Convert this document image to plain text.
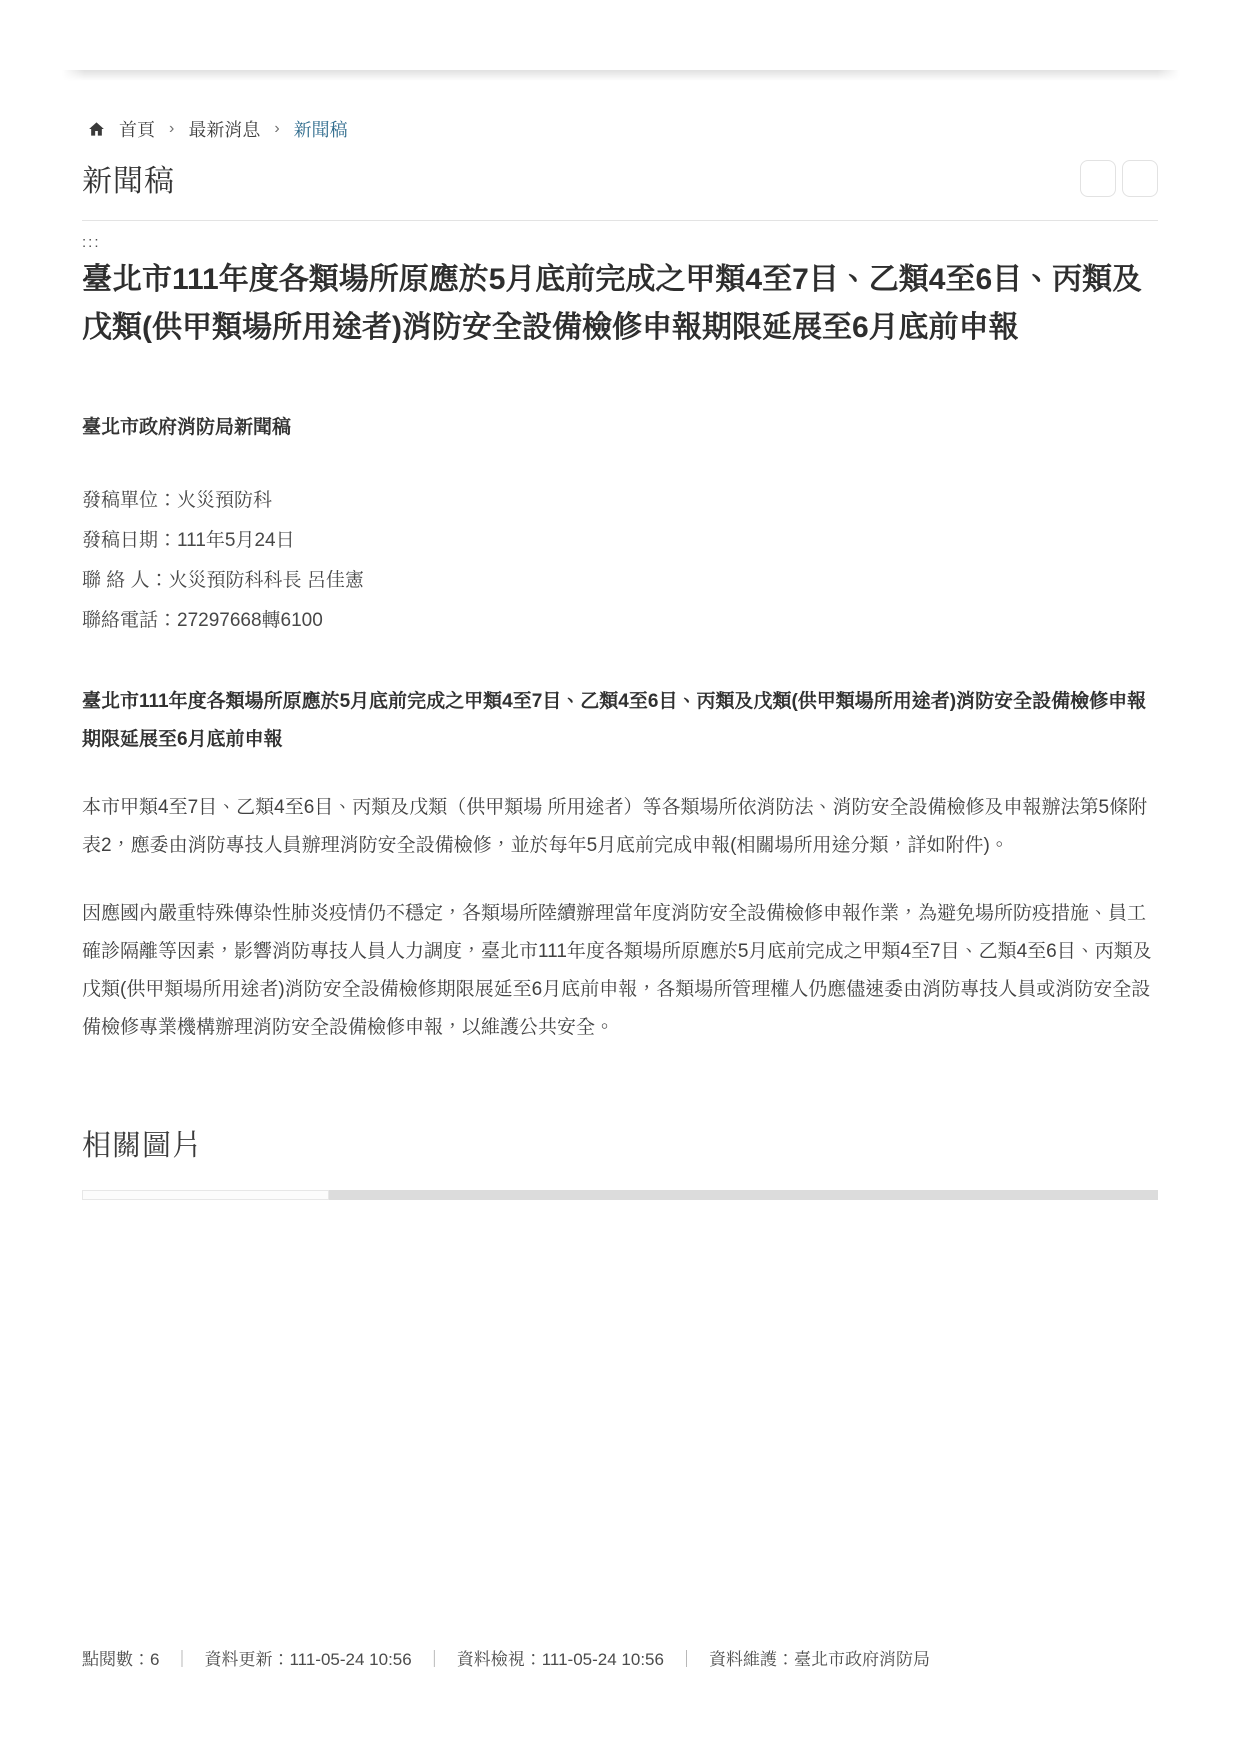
首頁 › 最新消息 › 新聞稿
新聞稿
:::
臺北市111年度各類場所原應於5月底前完成之甲類4至7目、乙類4至6目、丙類及戊類(供甲類場所用途者)消防安全設備檢修申報期限延展至6月底前申報

臺北市政府消防局新聞稿

發稿單位：火災預防科
發稿日期：111年5月24日
聯 絡 人：火災預防科科長 呂佳憲
聯絡電話：27297668轉6100

臺北市111年度各類場所原應於5月底前完成之甲類4至7目、乙類4至6目、丙類及戊類(供甲類場所用途者)消防安全設備檢修申報期限延展至6月底前申報

本市甲類4至7目、乙類4至6目、丙類及戊類（供甲類場 所用途者）等各類場所依消防法、消防安全設備檢修及申報辦法第5條附表2，應委由消防專技人員辦理消防安全設備檢修，並於每年5月底前完成申報(相關場所用途分類，詳如附件)。

因應國內嚴重特殊傳染性肺炎疫情仍不穩定，各類場所陸續辦理當年度消防安全設備檢修申報作業，為避免場所防疫措施、員工確診隔離等因素，影響消防專技人員人力調度，臺北市111年度各類場所原應於5月底前完成之甲類4至7目、乙類4至6目、丙類及戊類(供甲類場所用途者)消防安全設備檢修期限展延至6月底前申報，各類場所管理權人仍應儘速委由消防專技人員或消防安全設備檢修專業機構辦理消防安全設備檢修申報，以維護公共安全。

相關圖片
點閱數：6 ｜ 資料更新：111-05-24 10:56 ｜ 資料檢視：111-05-24 10:56 ｜ 資料維護：臺北市政府消防局
